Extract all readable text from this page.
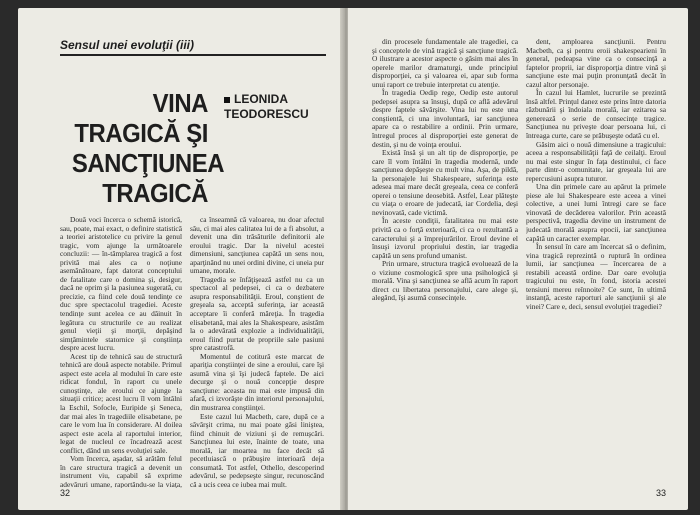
Sensul unei evoluţii (iii)
VINA
TRAGICĂ ŞI
SANCŢIUNEA
TRAGICĂ
LEONIDA
TEODORESCU

Două voci încerca o schemă istorică, sau, poate, mai exact, o definire statistică a teoriei aristotelice cu privire la genul tragic, vom ajunge la următoarele concluzii: — în-tâmplarea tragică a fost privită mai ales ca o noţiune asemănătoare, fapt datorat conceptului de fatalitate care o domina şi, desigur, dacă ne oprim şi la pasiunea sugerată, cu precizie, ca fiind cele două tendinţe ce duc spre spectacolul tragediei. Aceste tendinţe sunt acelea ce au dăinuit în legătura cu structurile ce au realizat genul vieţii şi morţii, depăşind simţămintele statornice şi conştiinţa despre acest lucru.

Acest tip de tehnică sau de structură tehnică are două aspecte notabile. Primul aspect este acela al modului în care este ridicat fondul, în raport cu unele cunoştinţe, ale eroului ce ajunge la situaţii critice; acest lucru îl vom întâlni la Eschil, Sofocle, Euripide şi Seneca, dar mai ales în tragediile elisabetane, pe care le vom lua în considerare. Al doilea aspect este acela al raportului interior, legat de nucleul ce încadrează acest conflict, dând un sens evoluţiei sale.

Vom încerca, aşadar, să arătăm felul în care structura tragică a devenit un instrument viu, capabil să exprime adevăruri umane, raportându-se la viaţa,

ca înseamnă că valoarea, nu doar afectul său, ci mai ales calitatea lui de a fi absolut, a devenit una din trăsăturile definitorii ale eroului tragic. Dar la nivelul acestei dimensiuni, sancţiunea capătă un sens nou, aparţinând nu unei ordini divine, ci uneia pur umane, morale.

Tragedia se înfăţişează astfel nu ca un spectacol al pedepsei, ci ca o dezbatere asupra responsabilităţii. Eroul, conştient de greşeala sa, acceptă suferinţa, iar această acceptare îi conferă măreţia. În tragedia elisabetană, mai ales la Shakespeare, asistăm la o adevărată explozie a individualităţii, eroul fiind purtat de propriile sale pasiuni spre catastrofă.

Momentul de cotitură este marcat de apariţia conştiinţei de sine a eroului, care îşi asumă vina şi îşi judecă faptele. De aici decurge şi o nouă concepţie despre sancţiune: aceasta nu mai este impusă din afară, ci izvorăşte din interiorul personajului, din mustrarea conştiinţei.

Este cazul lui Macbeth, care, după ce a săvârşit crima, nu mai poate găsi liniştea, fiind chinuit de viziuni şi de remuşcări. Sancţiunea lui este, înainte de toate, una morală, iar moartea nu face decât să pecetluiască o prăbuşire interioară deja consumată. Tot astfel, Othello, descoperind adevărul, se pedepseşte singur, recunoscând că a ucis ceea ce iubea mai mult.

32

din procesele fundamentale ale tragediei, ca şi conceptele de vină tragică şi sancţiune tragică. O ilustrare a acestor aspecte o găsim mai ales în operele marilor dramaturgi, unde principiul disproporţiei, ca şi valoarea ei, apar sub forma unui raport ce trebuie interpretat cu atenţie.

În tragedia Oedip rege, Oedip este autorul pedepsei asupra sa însuşi, după ce află adevărul despre faptele săvârşite. Vina lui nu este una conştientă, ci una involuntară, iar sancţiunea apare ca o restabilire a ordinii. Prin urmare, întregul proces al disproporţiei este generat de destin, şi nu de voinţa eroului.

Există însă şi un alt tip de disproporţie, pe care îl vom întâlni în tragedia modernă, unde sancţiunea depăşeşte cu mult vina. Aşa, de pildă, la personajele lui Shakespeare, suferinţa este adesea mai mare decât greşeala, ceea ce conferă operei o tensiune deosebită. Astfel, Lear plăteşte cu viaţa o eroare de judecată, iar Cordelia, deşi nevinovată, cade victimă.

În aceste condiţii, fatalitatea nu mai este privită ca o forţă exterioară, ci ca o rezultantă a caracterului şi a împrejurărilor. Eroul devine el însuşi izvorul propriului destin, iar tragedia capătă un sens profund umanist.

Prin urmare, structura tragică evoluează de la o viziune cosmologică spre una psihologică şi morală. Vina şi sancţiunea se află acum în raport direct cu libertatea personajului, care alege şi, alegând, îşi asumă consecinţele.

dent, amploarea sancţiunii. Pentru Macbeth, ca şi pentru eroii shakespearieni în general, pedeapsa vine ca o consecinţă a faptelor proprii, iar disproporţia dintre vină şi sancţiune este mai puţin pronunţată decât în cazul altor personaje.

În cazul lui Hamlet, lucrurile se prezintă însă altfel. Prinţul danez este prins între datoria răzbunării şi îndoiala morală, iar ezitarea sa generează o serie de consecinţe tragice. Sancţiunea nu priveşte doar persoana lui, ci întreaga curte, care se prăbuşeşte odată cu el.

Găsim aici o nouă dimensiune a tragicului: aceea a responsabilităţii faţă de ceilalţi. Eroul nu mai este singur în faţa destinului, ci face parte dintr-o comunitate, iar greşeala lui are repercusiuni asupra tuturor.

Una din primele care au apărut la primele piese ale lui Shakespeare este aceea a vinei colective, a unei lumi întregi care se face vinovată de decăderea valorilor. Prin această perspectivă, tragedia devine un instrument de judecată morală asupra epocii, iar sancţiunea capătă un caracter exemplar.

În sensul în care am încercat să o definim, vina tragică reprezintă o ruptură în ordinea lumii, iar sancţiunea — încercarea de a restabili această ordine. Dar oare evoluţia tragicului nu este, în fond, istoria acestei tensiuni mereu reînnoite? Ce sunt, în ultimă instanţă, aceste raporturi ale sancţiunii şi ale vinei? Care e, deci, sensul evoluţiei tragediei?

33
